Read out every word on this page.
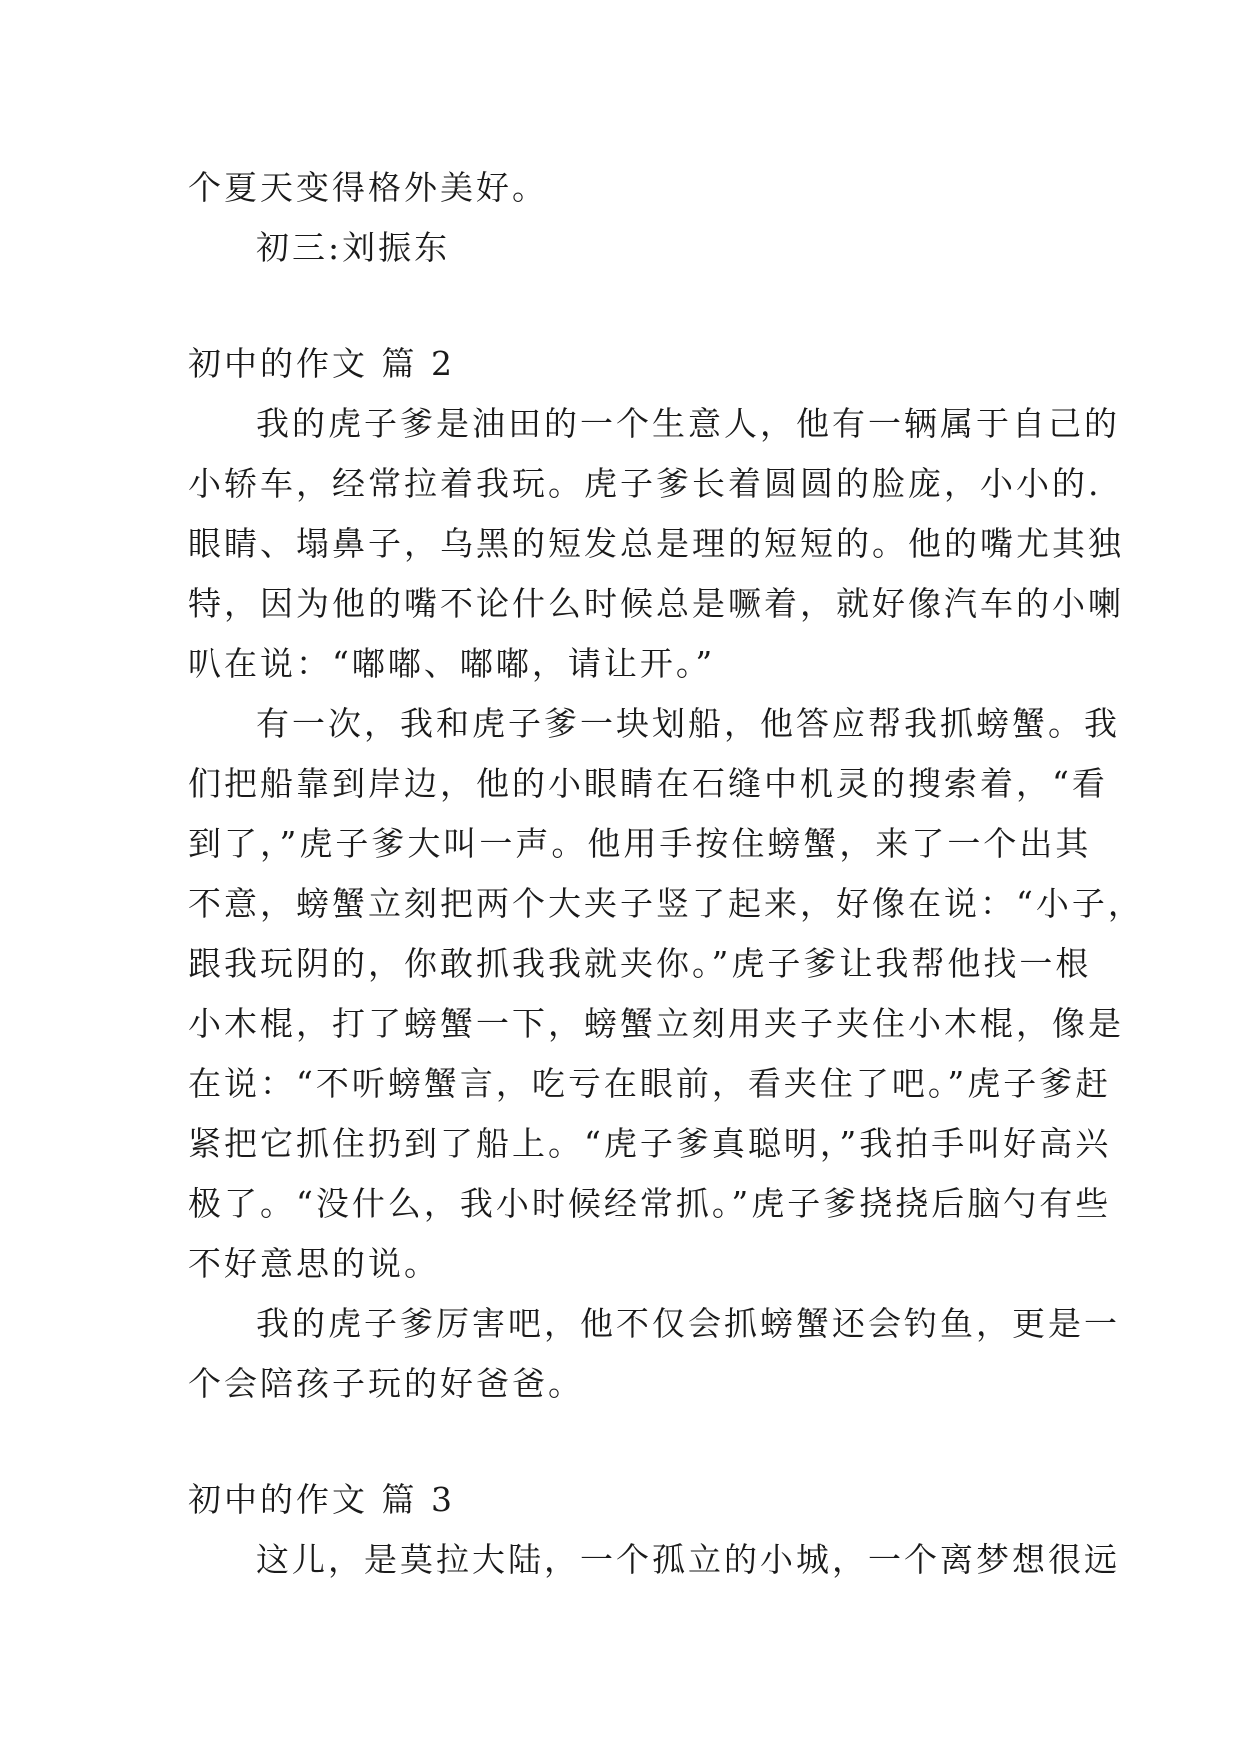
个夏天变得格外美好。
初三:刘振东
初中的作文 篇 2
我的虎子爹是油田的一个生意人，他有一辆属于自己的
小轿车，经常拉着我玩。虎子爹长着圆圆的脸庞，小小的.
眼睛、塌鼻子，乌黑的短发总是理的短短的。他的嘴尤其独
特，因为他的嘴不论什么时候总是噘着，就好像汽车的小喇
叭在说：“嘟嘟、嘟嘟，请让开。”
有一次，我和虎子爹一块划船，他答应帮我抓螃蟹。我
们把船靠到岸边，他的小眼睛在石缝中机灵的搜索着，“看
到了，”虎子爹大叫一声。他用手按住螃蟹，来了一个出其
不意，螃蟹立刻把两个大夹子竖了起来，好像在说：“小子，
跟我玩阴的，你敢抓我我就夹你。”虎子爹让我帮他找一根
小木棍，打了螃蟹一下，螃蟹立刻用夹子夹住小木棍，像是
在说：“不听螃蟹言，吃亏在眼前，看夹住了吧。”虎子爹赶
紧把它抓住扔到了船上。“虎子爹真聪明，”我拍手叫好高兴
极了。“没什么，我小时候经常抓。”虎子爹挠挠后脑勺有些
不好意思的说。
我的虎子爹厉害吧，他不仅会抓螃蟹还会钓鱼，更是一
个会陪孩子玩的好爸爸。
初中的作文 篇 3
这儿，是莫拉大陆，一个孤立的小城，一个离梦想很远
